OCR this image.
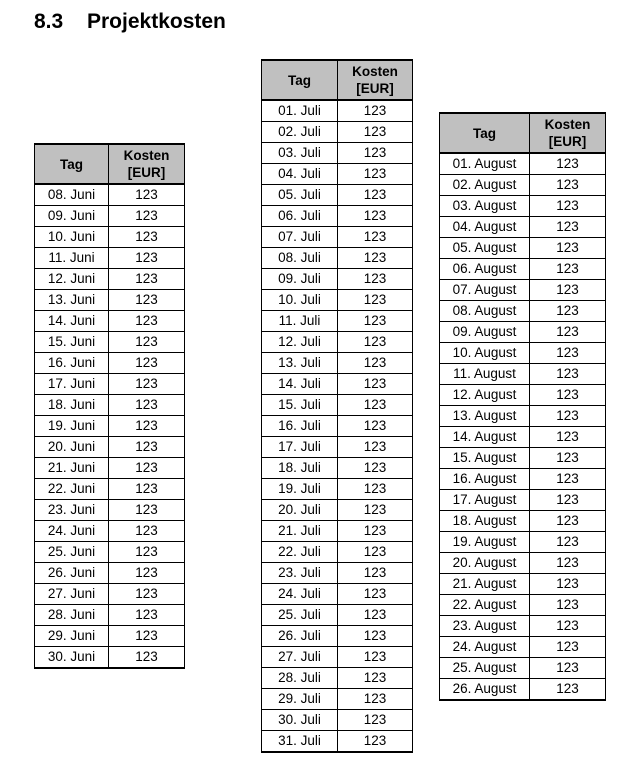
8.3 Projektkosten
Tag	Kosten
[EUR]
08. Juni	123
09. Juni	123
10. Juni	123
11. Juni	123
12. Juni	123
13. Juni	123
14. Juni	123
15. Juni	123
16. Juni	123
17. Juni	123
18. Juni	123
19. Juni	123
20. Juni	123
21. Juni	123
22. Juni	123
23. Juni	123
24. Juni	123
25. Juni	123
26. Juni	123
27. Juni	123
28. Juni	123
29. Juni	123
30. Juni	123
Tag	Kosten
[EUR]
01. Juli	123
02. Juli	123
03. Juli	123
04. Juli	123
05. Juli	123
06. Juli	123
07. Juli	123
08. Juli	123
09. Juli	123
10. Juli	123
11. Juli	123
12. Juli	123
13. Juli	123
14. Juli	123
15. Juli	123
16. Juli	123
17. Juli	123
18. Juli	123
19. Juli	123
20. Juli	123
21. Juli	123
22. Juli	123
23. Juli	123
24. Juli	123
25. Juli	123
26. Juli	123
27. Juli	123
28. Juli	123
29. Juli	123
30. Juli	123
31. Juli	123
Tag	Kosten
[EUR]
01. August	123
02. August	123
03. August	123
04. August	123
05. August	123
06. August	123
07. August	123
08. August	123
09. August	123
10. August	123
11. August	123
12. August	123
13. August	123
14. August	123
15. August	123
16. August	123
17. August	123
18. August	123
19. August	123
20. August	123
21. August	123
22. August	123
23. August	123
24. August	123
25. August	123
26. August	123
